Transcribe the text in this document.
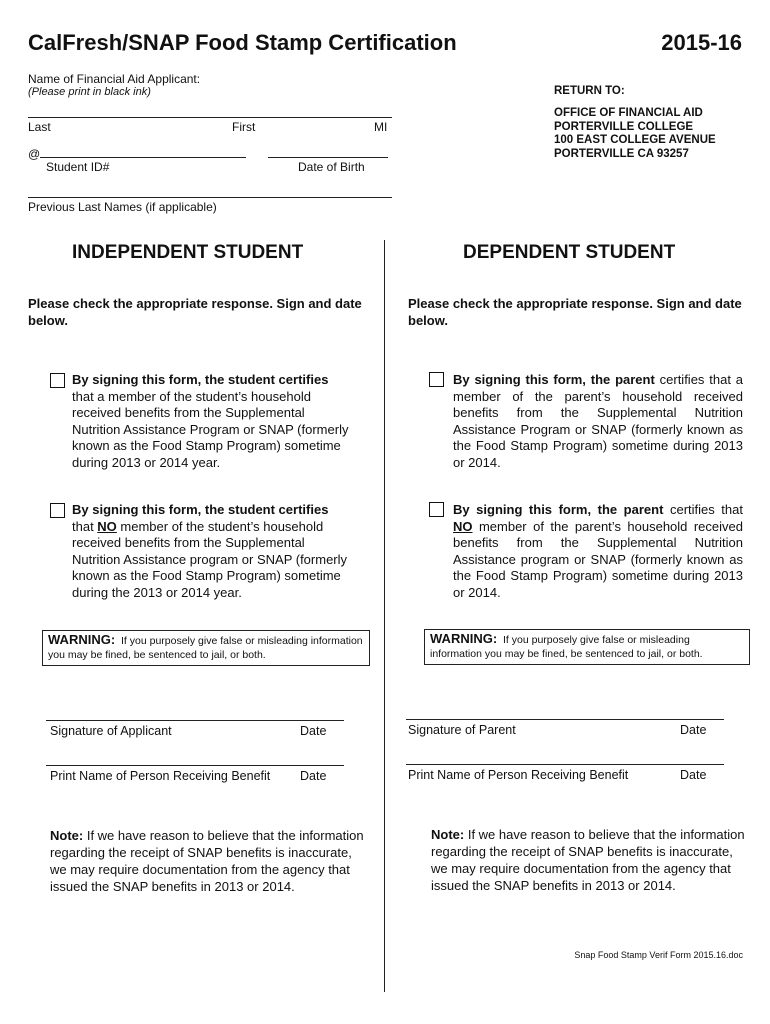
CalFresh/SNAP Food Stamp Certification	2015-16
Name of Financial Aid Applicant:
(Please print in black ink)
Last	First	MI
@
Student ID#	Date of Birth
Previous Last Names (if applicable)
RETURN TO:
OFFICE OF FINANCIAL AID
PORTERVILLE COLLEGE
100 EAST COLLEGE AVENUE
PORTERVILLE CA 93257
INDEPENDENT STUDENT
Please check the appropriate response. Sign and date below.
By signing this form, the student certifies
that a member of the student’s household received benefits from the Supplemental Nutrition Assistance Program or SNAP (formerly known as the Food Stamp Program) sometime during 2013 or 2014 year.
By signing this form, the student certifies
that NO member of the student’s household received benefits from the Supplemental Nutrition Assistance program or SNAP (formerly known as the Food Stamp Program) sometime during the 2013 or 2014 year.
WARNING: If you purposely give false or misleading information you may be fined, be sentenced to jail, or both.
Signature of Applicant	Date
Print Name of Person Receiving Benefit Date
Note: If we have reason to believe that the information regarding the receipt of SNAP benefits is inaccurate, we may require documentation from the agency that issued the SNAP benefits in 2013 or 2014.
DEPENDENT STUDENT
Please check the appropriate response. Sign and date below.
By signing this form, the parent certifies that a member of the parent’s household received benefits from the Supplemental Nutrition Assistance Program or SNAP (formerly known as the Food Stamp Program) sometime during 2013 or 2014.
By signing this form, the parent certifies that NO member of the parent’s household received benefits from the Supplemental Nutrition Assistance program or SNAP (formerly known as the Food Stamp Program) sometime during 2013 or 2014.
WARNING: If you purposely give false or misleading information you may be fined, be sentenced to jail, or both.
Signature of Parent	Date
Print Name of Person Receiving Benefit	Date
Note: If we have reason to believe that the information regarding the receipt of SNAP benefits is inaccurate, we may require documentation from the agency that issued the SNAP benefits in 2013 or 2014.
Snap Food Stamp Verif Form 2015.16.doc
